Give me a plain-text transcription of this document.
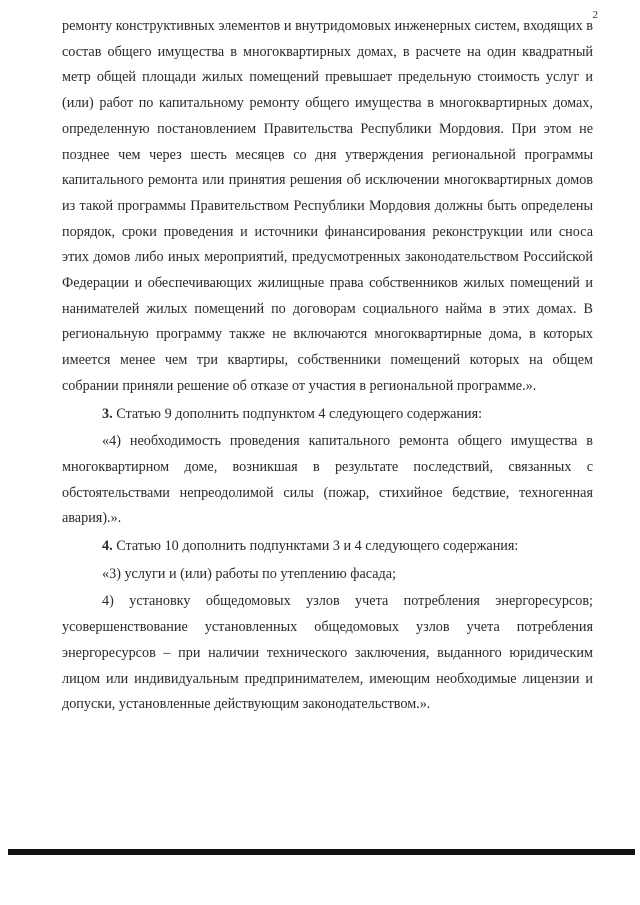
2

ремонту конструктивных элементов и внутридомовых инженерных систем, входящих в состав общего имущества в многоквартирных домах, в расчете на один квадратный метр общей площади жилых помещений превышает предельную стоимость услуг и (или) работ по капитальному ремонту общего имущества в многоквартирных домах, определенную постановлением Правительства Республики Мордовия. При этом не позднее чем через шесть месяцев со дня утверждения региональной программы капитального ремонта или принятия решения об исключении многоквартирных домов из такой программы Правительством Республики Мордовия должны быть определены порядок, сроки проведения и источники финансирования реконструкции или сноса этих домов либо иных мероприятий, предусмотренных законодательством Российской Федерации и обеспечивающих жилищные права собственников жилых помещений и нанимателей жилых помещений по договорам социального найма в этих домах. В региональную программу также не включаются многоквартирные дома, в которых имеется менее чем три квартиры, собственники помещений которых на общем собрании приняли решение об отказе от участия в региональной программе.».

3. Статью 9 дополнить подпунктом 4 следующего содержания:

«4) необходимость проведения капитального ремонта общего имущества в многоквартирном доме, возникшая в результате последствий, связанных с обстоятельствами непреодолимой силы (пожар, стихийное бедствие, техногенная авария).».

4. Статью 10 дополнить подпунктами 3 и 4 следующего содержания:

«3) услуги и (или) работы по утеплению фасада;

4) установку общедомовых узлов учета потребления энергоресурсов; усовершенствование установленных общедомовых узлов учета потребления энергоресурсов – при наличии технического заключения, выданного юридическим лицом или индивидуальным предпринимателем, имеющим необходимые лицензии и допуски, установленные действующим законодательством.».
